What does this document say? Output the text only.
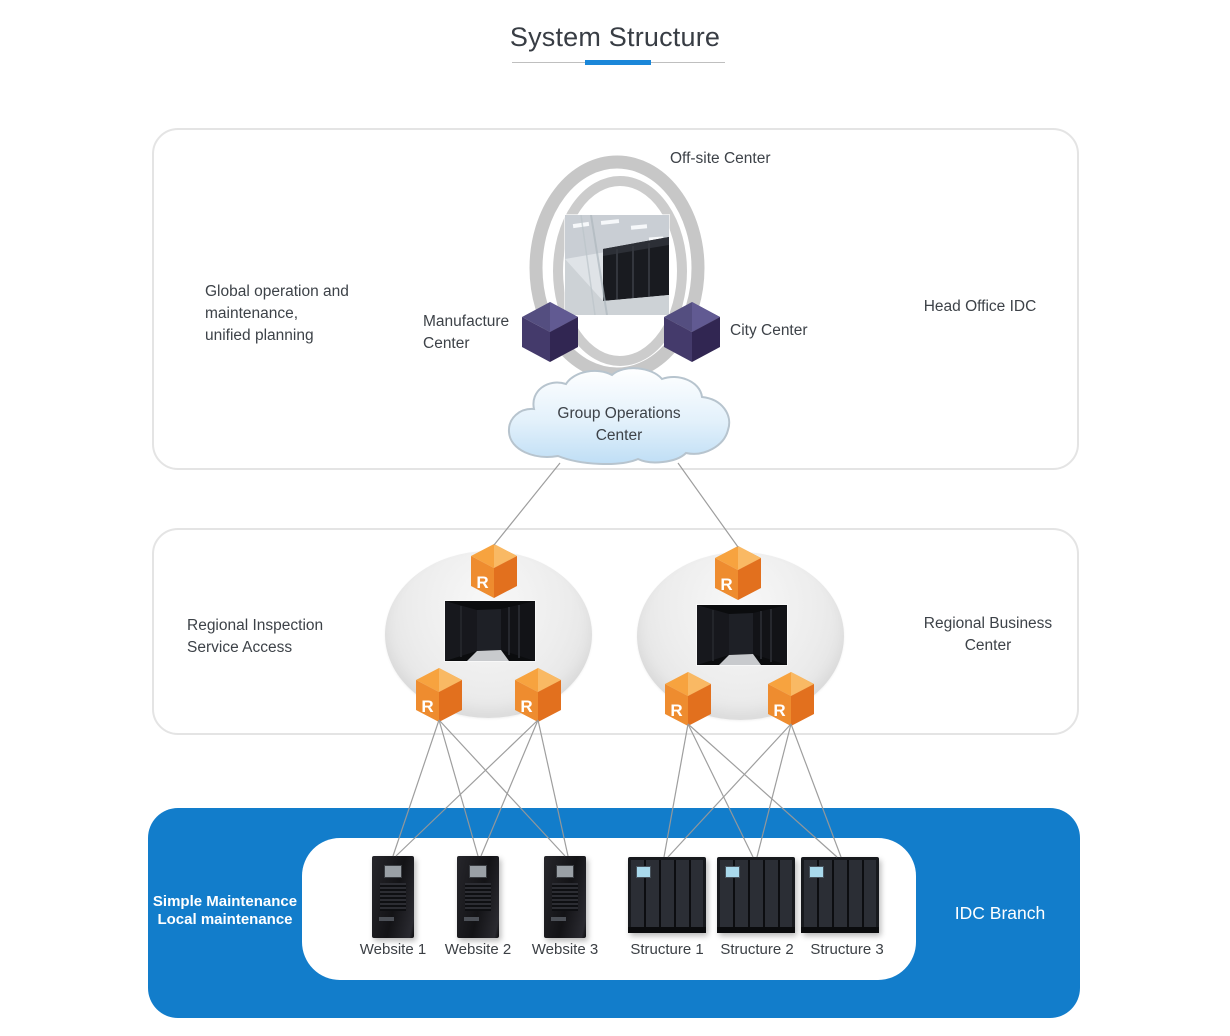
System Structure
Global operation and
maintenance,
unified planning
Head Office IDC
Off-site Center
Manufacture
Center
City Center
Group Operations
Center
Regional Inspection
Service Access
Regional Business
Center
R
R	R
R
R	R
Simple Maintenance
Local maintenance	IDC Branch
Website 1	Website 2	Website 3	Structure 1	Structure 2	Structure 3
